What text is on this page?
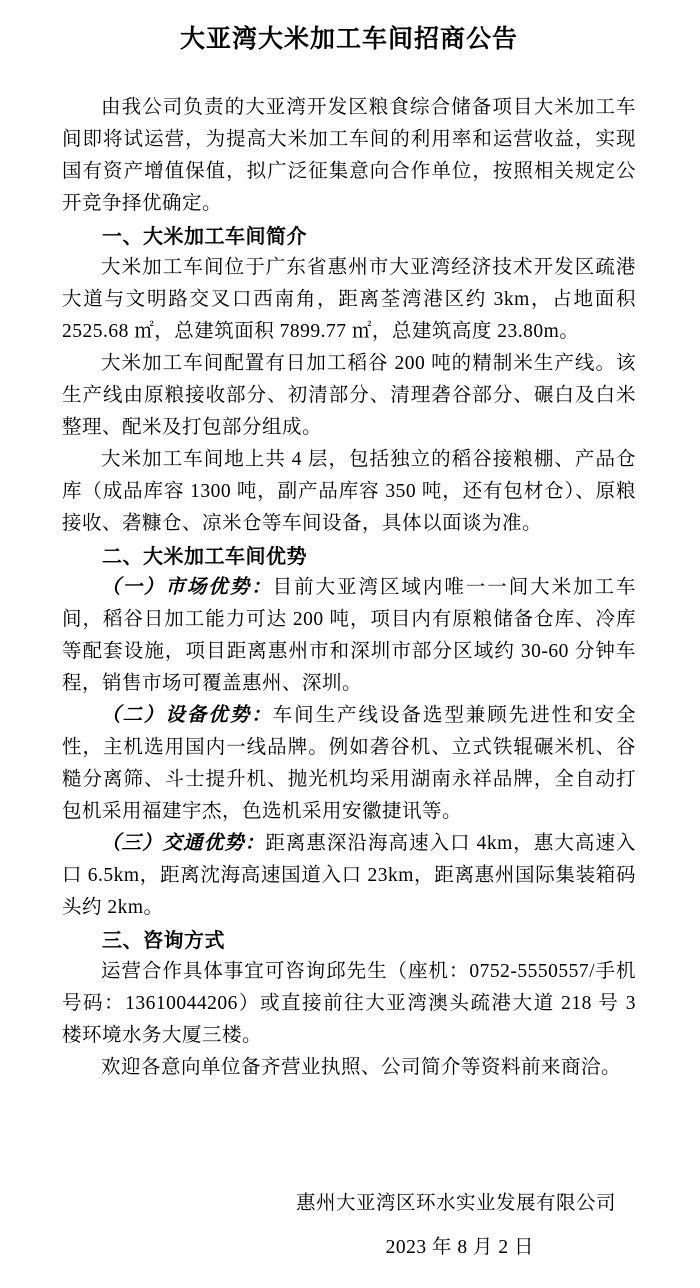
大亚湾大米加工车间招商公告

由我公司负责的大亚湾开发区粮食综合储备项目大米加工车间即将试运营，为提高大米加工车间的利用率和运营收益，实现国有资产增值保值，拟广泛征集意向合作单位，按照相关规定公开竞争择优确定。

一、大米加工车间简介

大米加工车间位于广东省惠州市大亚湾经济技术开发区疏港大道与文明路交叉口西南角，距离荃湾港区约 3km，占地面积 2525.68 ㎡，总建筑面积 7899.77 ㎡，总建筑高度 23.80m。

大米加工车间配置有日加工稻谷 200 吨的精制米生产线。该生产线由原粮接收部分、初清部分、清理砻谷部分、碾白及白米整理、配米及打包部分组成。

大米加工车间地上共 4 层，包括独立的稻谷接粮棚、产品仓库（成品库容 1300 吨，副产品库容 350 吨，还有包材仓）、原粮接收、砻糠仓、凉米仓等车间设备，具体以面谈为准。

二、大米加工车间优势

（一）市场优势：目前大亚湾区域内唯一一间大米加工车间，稻谷日加工能力可达 200 吨，项目内有原粮储备仓库、冷库等配套设施，项目距离惠州市和深圳市部分区域约 30-60 分钟车程，销售市场可覆盖惠州、深圳。

（二）设备优势：车间生产线设备选型兼顾先进性和安全性，主机选用国内一线品牌。例如砻谷机、立式铁辊碾米机、谷糙分离筛、斗士提升机、抛光机均采用湖南永祥品牌，全自动打包机采用福建宇杰，色选机采用安徽捷讯等。

（三）交通优势：距离惠深沿海高速入口 4km，惠大高速入口 6.5km，距离沈海高速国道入口 23km，距离惠州国际集装箱码头约 2km。

三、咨询方式

运营合作具体事宜可咨询邱先生（座机：0752-5550557/手机号码：13610044206）或直接前往大亚湾澳头疏港大道 218 号 3 楼环境水务大厦三楼。

欢迎各意向单位备齐营业执照、公司简介等资料前来商洽。

惠州大亚湾区环水实业发展有限公司

2023 年 8 月 2 日
